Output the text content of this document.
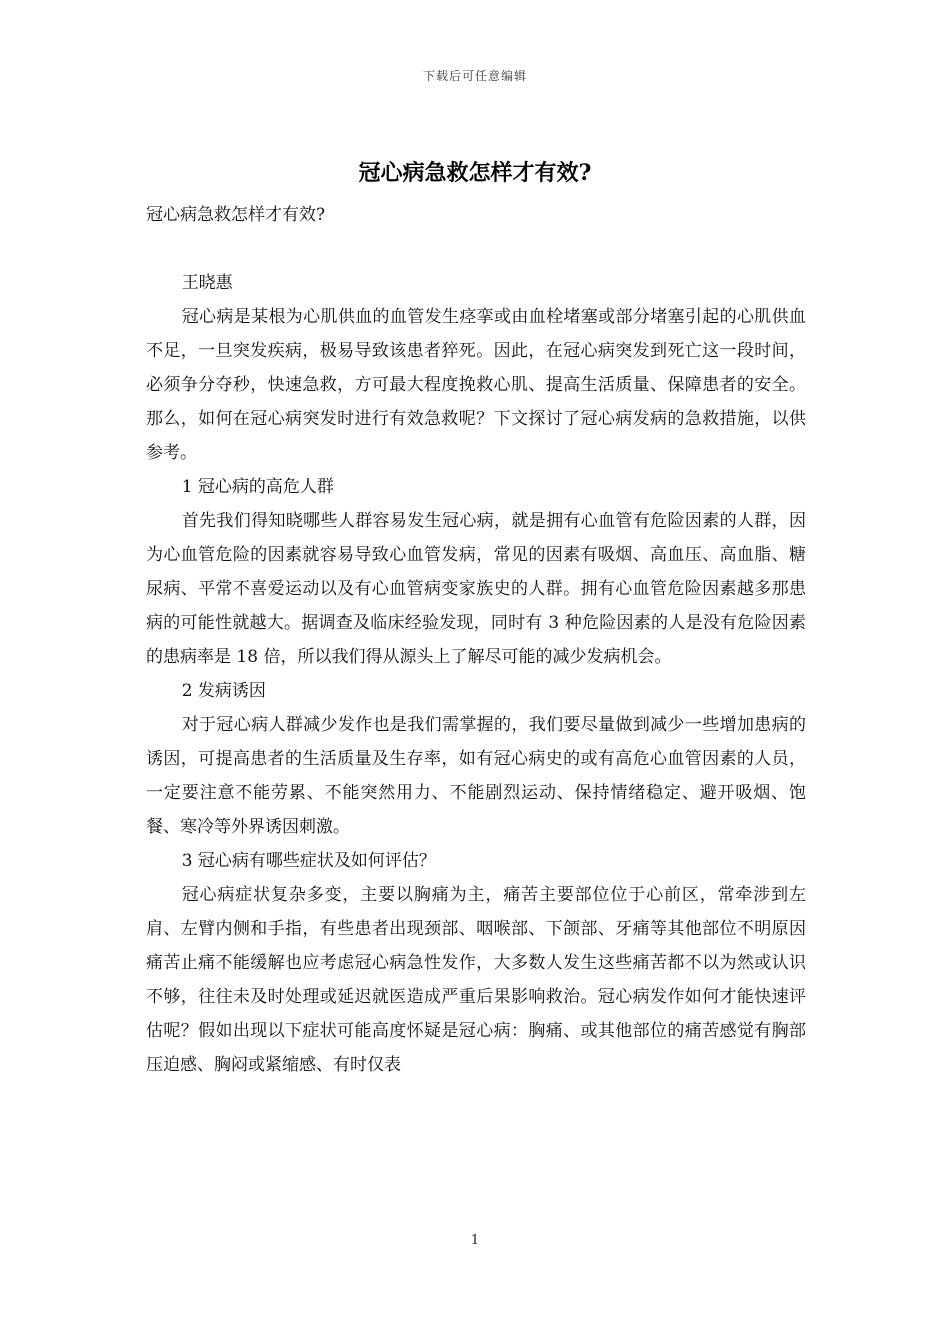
下载后可任意编辑
冠心病急救怎样才有效?

冠心病急救怎样才有效?

王晓惠

冠心病是某根为心肌供血的血管发生痉挛或由血栓堵塞或部分堵塞引起的心肌供血不足，一旦突发疾病，极易导致该患者猝死。因此，在冠心病突发到死亡这一段时间，必须争分夺秒，快速急救，方可最大程度挽救心肌、提高生活质量、保障患者的安全。那么，如何在冠心病突发时进行有效急救呢？下文探讨了冠心病发病的急救措施，以供参考。

1 冠心病的高危人群

首先我们得知晓哪些人群容易发生冠心病，就是拥有心血管有危险因素的人群，因为心血管危险的因素就容易导致心血管发病，常见的因素有吸烟、高血压、高血脂、糖尿病、平常不喜爱运动以及有心血管病变家族史的人群。拥有心血管危险因素越多那患病的可能性就越大。据调查及临床经验发现，同时有 3 种危险因素的人是没有危险因素的患病率是 18 倍，所以我们得从源头上了解尽可能的减少发病机会。

2 发病诱因

对于冠心病人群减少发作也是我们需掌握的，我们要尽量做到减少一些增加患病的诱因，可提高患者的生活质量及生存率，如有冠心病史的或有高危心血管因素的人员，一定要注意不能劳累、不能突然用力、不能剧烈运动、保持情绪稳定、避开吸烟、饱餐、寒冷等外界诱因刺激。

3 冠心病有哪些症状及如何评估？

冠心病症状复杂多变，主要以胸痛为主，痛苦主要部位位于心前区，常牵涉到左肩、左臂内侧和手指，有些患者出现颈部、咽喉部、下颌部、牙痛等其他部位不明原因痛苦止痛不能缓解也应考虑冠心病急性发作，大多数人发生这些痛苦都不以为然或认识不够，往往未及时处理或延迟就医造成严重后果影响救治。冠心病发作如何才能快速评估呢？假如出现以下症状可能高度怀疑是冠心病：胸痛、或其他部位的痛苦感觉有胸部压迫感、胸闷或紧缩感、有时仅表

1
